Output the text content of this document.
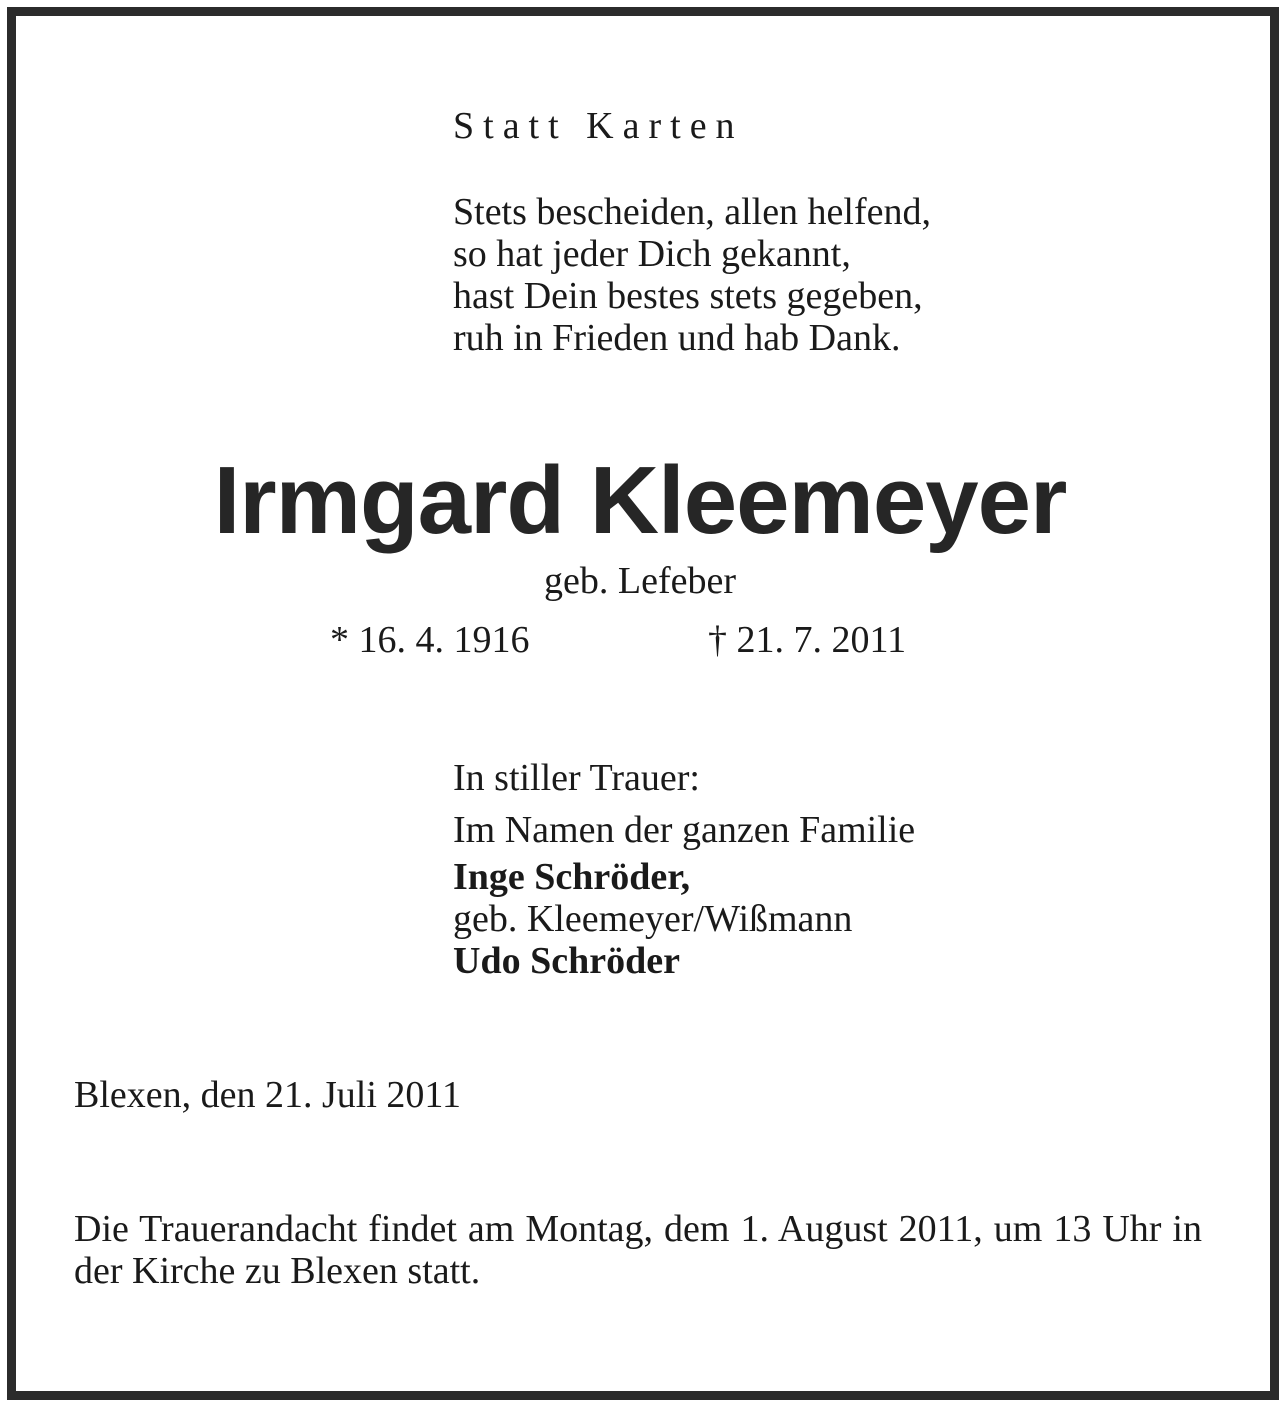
Statt Karten
Stets bescheiden, allen helfend,
so hat jeder Dich gekannt,
hast Dein bestes stets gegeben,
ruh in Frieden und hab Dank.
Irmgard Kleemeyer
geb. Lefeber
* 16. 4. 1916	† 21. 7. 2011
In stiller Trauer:
Im Namen der ganzen Familie
Inge Schröder,
geb. Kleemeyer/Wißmann
Udo Schröder
Blexen, den 21. Juli 2011
Die Trauerandacht findet am Montag, dem 1. August 2011, um 13 Uhr in der Kirche zu Blexen statt.
